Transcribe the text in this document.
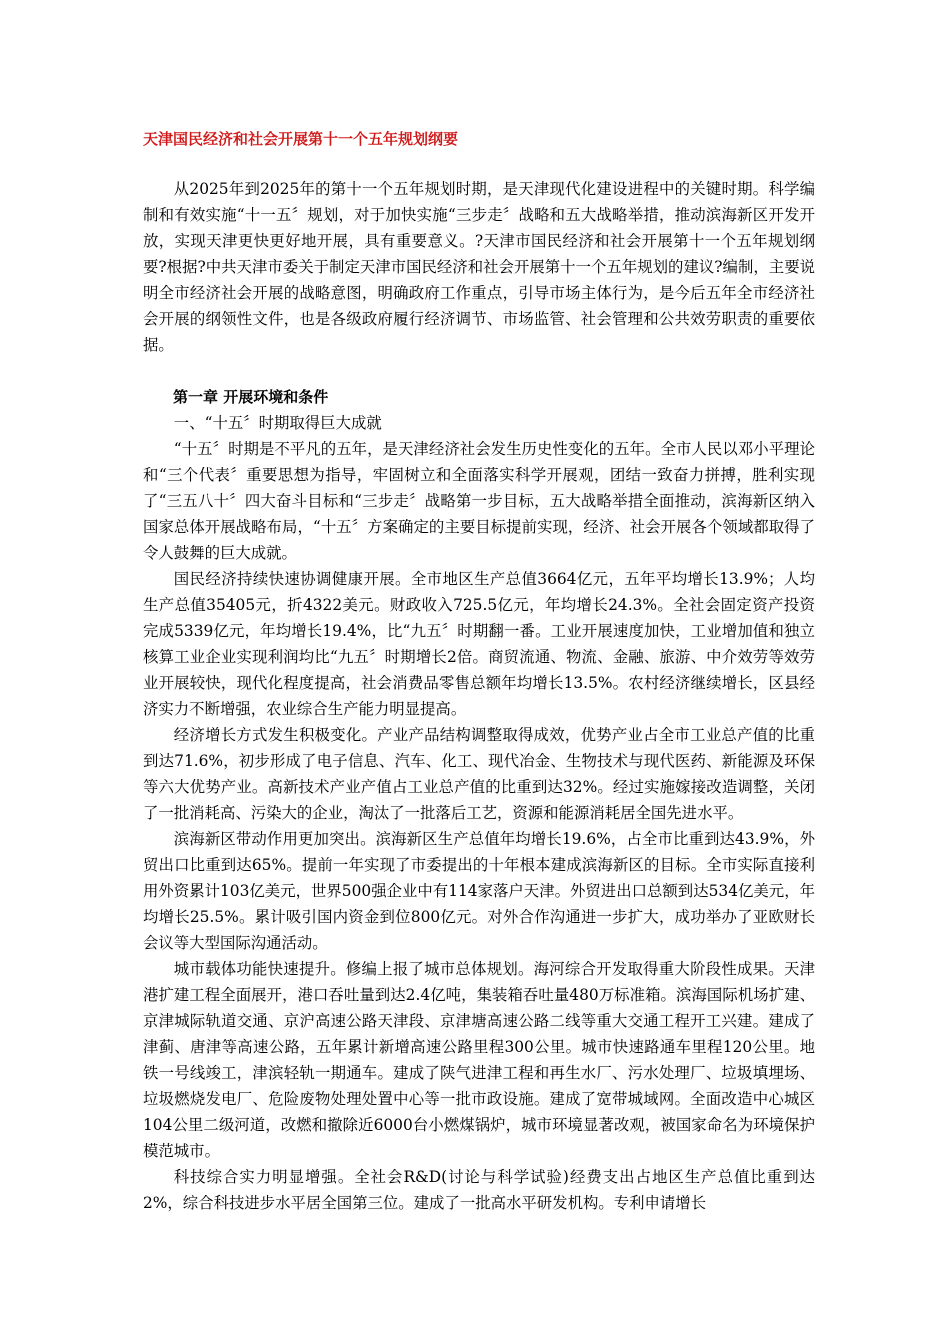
天津国民经济和社会开展第十一个五年规划纲要

从2025年到2025年的第十一个五年规划时期，是天津现代化建设进程中的关键时期。科学编制和有效实施“十一五〞规划，对于加快实施“三步走〞战略和五大战略举措，推动滨海新区开发开放，实现天津更快更好地开展，具有重要意义。?天津市国民经济和社会开展第十一个五年规划纲要?根据?中共天津市委关于制定天津市国民经济和社会开展第十一个五年规划的建议?编制，主要说明全市经济社会开展的战略意图，明确政府工作重点，引导市场主体行为，是今后五年全市经济社会开展的纲领性文件，也是各级政府履行经济调节、市场监管、社会管理和公共效劳职责的重要依据。

第一章 开展环境和条件

一、“十五〞时期取得巨大成就

“十五〞时期是不平凡的五年，是天津经济社会发生历史性变化的五年。全市人民以邓小平理论和“三个代表〞重要思想为指导，牢固树立和全面落实科学开展观，团结一致奋力拼搏，胜利实现了“三五八十〞四大奋斗目标和“三步走〞战略第一步目标，五大战略举措全面推动，滨海新区纳入国家总体开展战略布局，“十五〞方案确定的主要目标提前实现，经济、社会开展各个领域都取得了令人鼓舞的巨大成就。

国民经济持续快速协调健康开展。全市地区生产总值3664亿元，五年平均增长13.9%；人均生产总值35405元，折4322美元。财政收入725.5亿元，年均增长24.3%。全社会固定资产投资完成5339亿元，年均增长19.4%，比“九五〞时期翻一番。工业开展速度加快，工业增加值和独立核算工业企业实现利润均比“九五〞时期增长2倍。商贸流通、物流、金融、旅游、中介效劳等效劳业开展较快，现代化程度提高，社会消费品零售总额年均增长13.5%。农村经济继续增长，区县经济实力不断增强，农业综合生产能力明显提高。

经济增长方式发生积极变化。产业产品结构调整取得成效，优势产业占全市工业总产值的比重到达71.6%，初步形成了电子信息、汽车、化工、现代冶金、生物技术与现代医药、新能源及环保等六大优势产业。高新技术产业产值占工业总产值的比重到达32%。经过实施嫁接改造调整，关闭了一批消耗高、污染大的企业，淘汰了一批落后工艺，资源和能源消耗居全国先进水平。

滨海新区带动作用更加突出。滨海新区生产总值年均增长19.6%，占全市比重到达43.9%，外贸出口比重到达65%。提前一年实现了市委提出的十年根本建成滨海新区的目标。全市实际直接利用外资累计103亿美元，世界500强企业中有114家落户天津。外贸进出口总额到达534亿美元，年均增长25.5%。累计吸引国内资金到位800亿元。对外合作沟通进一步扩大，成功举办了亚欧财长会议等大型国际沟通活动。

城市载体功能快速提升。修编上报了城市总体规划。海河综合开发取得重大阶段性成果。天津港扩建工程全面展开，港口吞吐量到达2.4亿吨，集装箱吞吐量480万标准箱。滨海国际机场扩建、京津城际轨道交通、京沪高速公路天津段、京津塘高速公路二线等重大交通工程开工兴建。建成了津蓟、唐津等高速公路，五年累计新增高速公路里程300公里。城市快速路通车里程120公里。地铁一号线竣工，津滨轻轨一期通车。建成了陕气进津工程和再生水厂、污水处理厂、垃圾填埋场、垃圾燃烧发电厂、危险废物处理处置中心等一批市政设施。建成了宽带城域网。全面改造中心城区104公里二级河道，改燃和撤除近6000台小燃煤锅炉，城市环境显著改观，被国家命名为环境保护模范城市。

科技综合实力明显增强。全社会R&D(讨论与科学试验)经费支出占地区生产总值比重到达2%，综合科技进步水平居全国第三位。建成了一批高水平研发机构。专利申请增长
